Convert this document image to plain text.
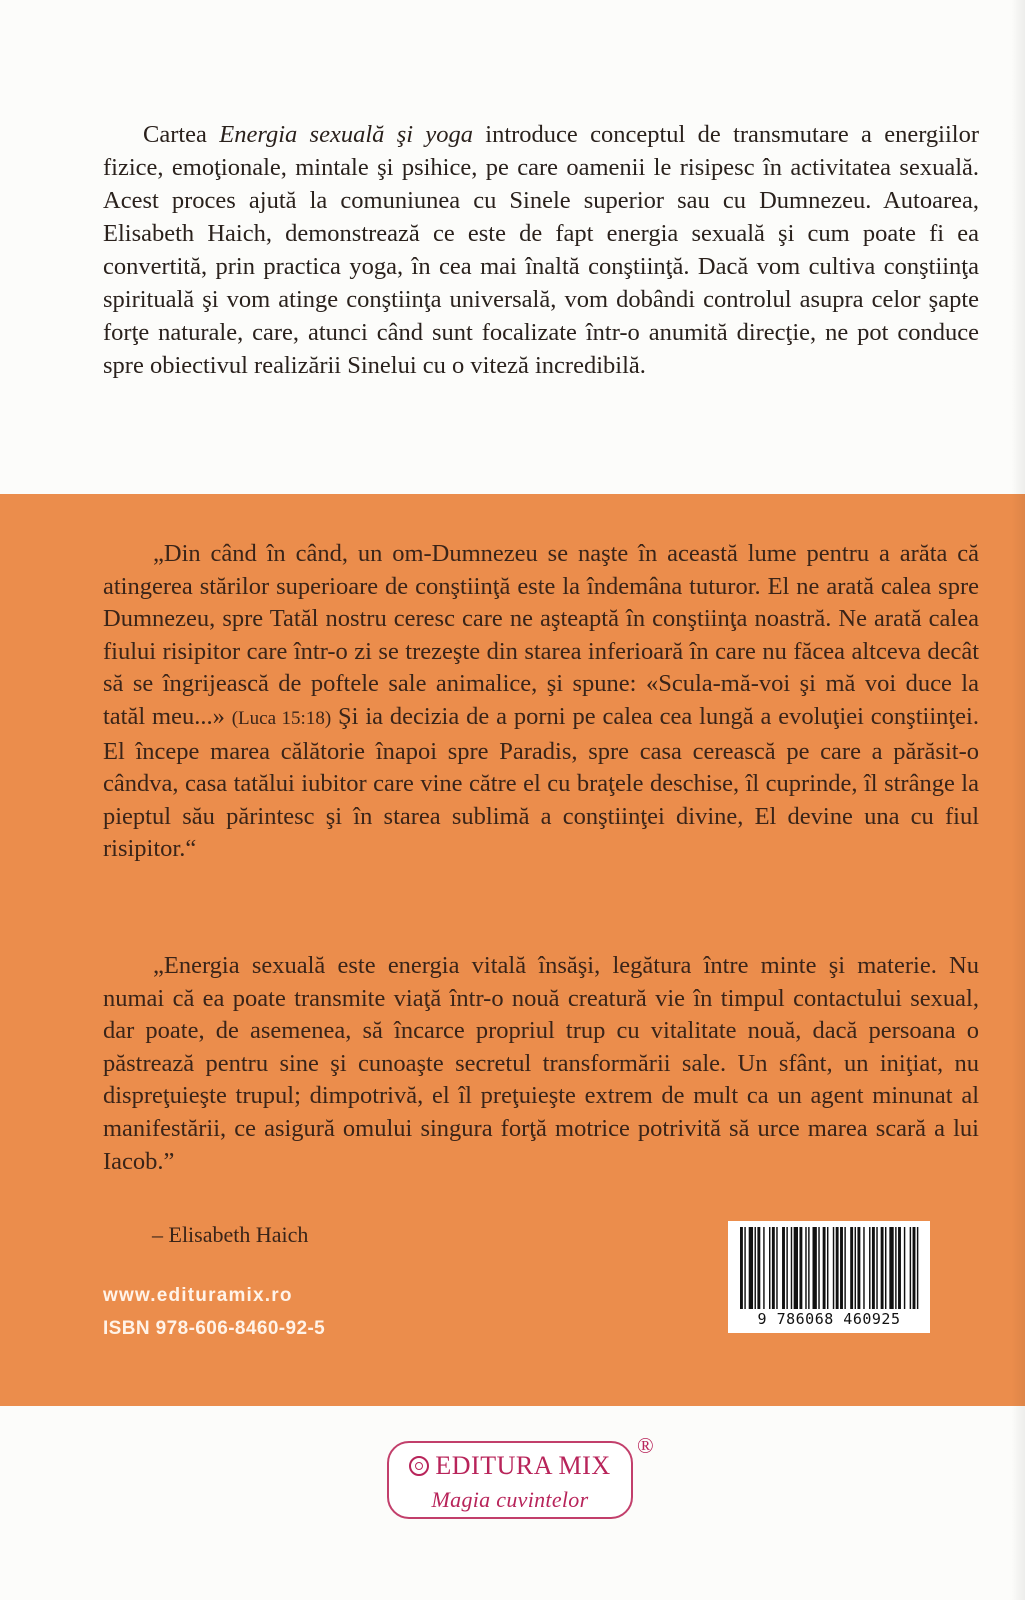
Cartea Energia sexuală şi yoga introduce conceptul de transmutare a energiilor fizice, emoţionale, mintale şi psihice, pe care oamenii le risipesc în activitatea sexuală. Acest proces ajută la comuniunea cu Sinele superior sau cu Dumnezeu. Autoarea, Elisabeth Haich, demonstrează ce este de fapt energia sexuală şi cum poate fi ea convertită, prin practica yoga, în cea mai înaltă conştiinţă. Dacă vom cultiva conştiinţa spirituală şi vom atinge conştiinţa universală, vom dobândi controlul asupra celor şapte forţe naturale, care, atunci când sunt focalizate într-o anumită direcţie, ne pot conduce spre obiectivul realizării Sinelui cu o viteză incredibilă.

„Din când în când, un om-Dumnezeu se naşte în această lume pentru a arăta că atingerea stărilor superioare de conştiinţă este la îndemâna tuturor. El ne arată calea spre Dumnezeu, spre Tatăl nostru ceresc care ne aşteaptă în conştiinţa noastră. Ne arată calea fiului risipitor care într-o zi se trezeşte din starea inferioară în care nu făcea altceva decât să se îngrijească de poftele sale animalice, şi spune: «Scula-mă-voi şi mă voi duce la tatăl meu...» (Luca 15:18) Şi ia decizia de a porni pe calea cea lungă a evoluţiei conştiinţei. El începe marea călătorie înapoi spre Paradis, spre casa cerească pe care a părăsit-o cândva, casa tatălui iubitor care vine către el cu braţele deschise, îl cuprinde, îl strânge la pieptul său părintesc şi în starea sublimă a conştiinţei divine, El devine una cu fiul risipitor.“

„Energia sexuală este energia vitală însăşi, legătura între minte şi materie. Nu numai că ea poate transmite viaţă într-o nouă creatură vie în timpul contactului sexual, dar poate, de asemenea, să încarce propriul trup cu vitalitate nouă, dacă persoana o păstrează pentru sine şi cunoaşte secretul transformării sale. Un sfânt, un iniţiat, nu dispreţuieşte trupul; dimpotrivă, el îl preţuieşte extrem de mult ca un agent minunat al manifestării, ce asigură omului singura forţă motrice potrivită să urce marea scară a lui Iacob.”

– Elisabeth Haich
www.edituramix.ro
ISBN 978-606-8460-92-5	9 786068 460925
EDITURA MIX
Magia cuvintelor
®
